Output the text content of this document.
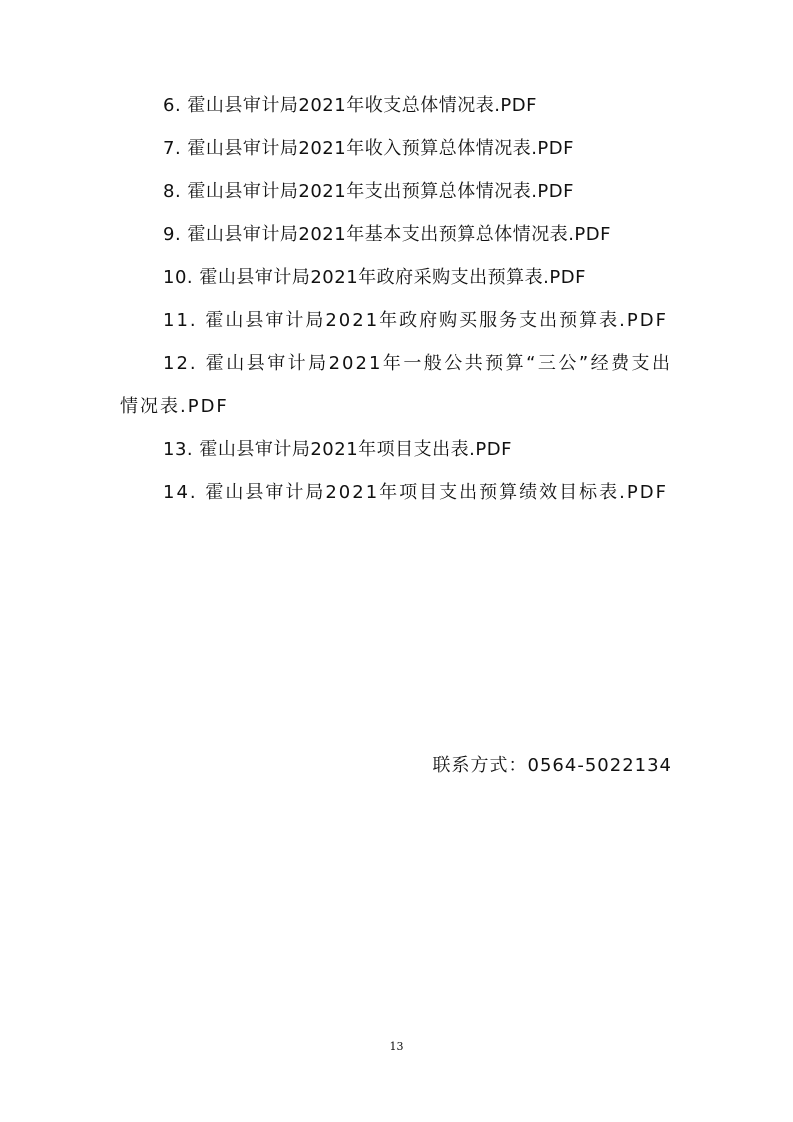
6. 霍山县审计局2021年收支总体情况表.PDF
7. 霍山县审计局2021年收入预算总体情况表.PDF
8. 霍山县审计局2021年支出预算总体情况表.PDF
9. 霍山县审计局2021年基本支出预算总体情况表.PDF
10. 霍山县审计局2021年政府采购支出预算表.PDF
11. 霍山县审计局2021年政府购买服务支出预算表.PDF
12. 霍山县审计局2021年一般公共预算“三公”经费支出情况表.PDF
13. 霍山县审计局2021年项目支出表.PDF
14. 霍山县审计局2021年项目支出预算绩效目标表.PDF
联系方式：0564-5022134
13
